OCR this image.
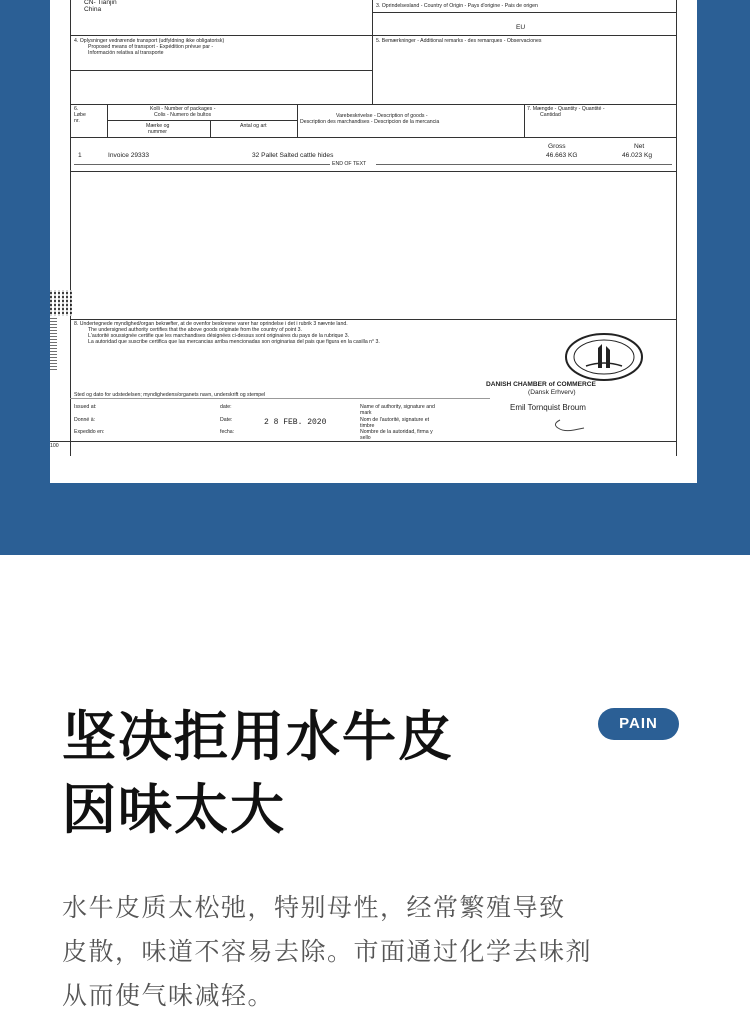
CN- Tianjin
China	3. Oprindelsesland - Country of Origin - Pays d'origine - Pais de origen
EU
4. Oplysninger vedrørende transport (udfyldning ikke obligatorisk)
Proposed means of transport - Expédition prévue par -
Información relativa al transporte
5. Bemærkninger - Additional remarks - des remarques - Observaciones
6.
Løbe
nr.
Kolli - Number of packages -
Colis - Numero de bultos
Mærke og
nummer
Antal og art
Varebeskrivelse - Description of goods -
Description des marchandises - Descripcion de la mercancia
7. Mængde - Quantity - Quantité -
Cantidad
Gross	Net
1	Invoice 29333	32 Pallet Salted cattle hides	46.663 KG	46.023 Kg
END OF TEXT
8. Undertegnede myndighed/organ bekræfter, at de ovenfor beskrevne varer har oprindelse i det i rubrik 3 nævnte land.
The undersigned authority certifies that the above goods originate from the country of point 3.
L'autorité soussignée certifie que les marchandises désignées ci-dessus sont originaires du pays de la rubrique 3.
La autoridad que suscribe certifica que las mercancias arriba mencionadas son originarias del pais que figura en la casilla n° 3.
DANISH CHAMBER of COMMERCE
(Dansk Erhverv)
Sted og dato for udstedelsen; myndighedens/organets navn, underskrift og stempel
Issued at:
Donné à:
Expedido en:
date:
Date:
fecha:
2 8 FEB. 2020
Name of authority, signature and
mark
Nom de l'autorité, signature et
timbre
Nombre de la autoridad, firma y
sello
Emil Tornquist Broum
100
坚决拒用水牛皮
因味太大
PAIN
水牛皮质太松弛，特别母性，经常繁殖导致
皮散，味道不容易去除。市面通过化学去味剂
从而使气味减轻。
